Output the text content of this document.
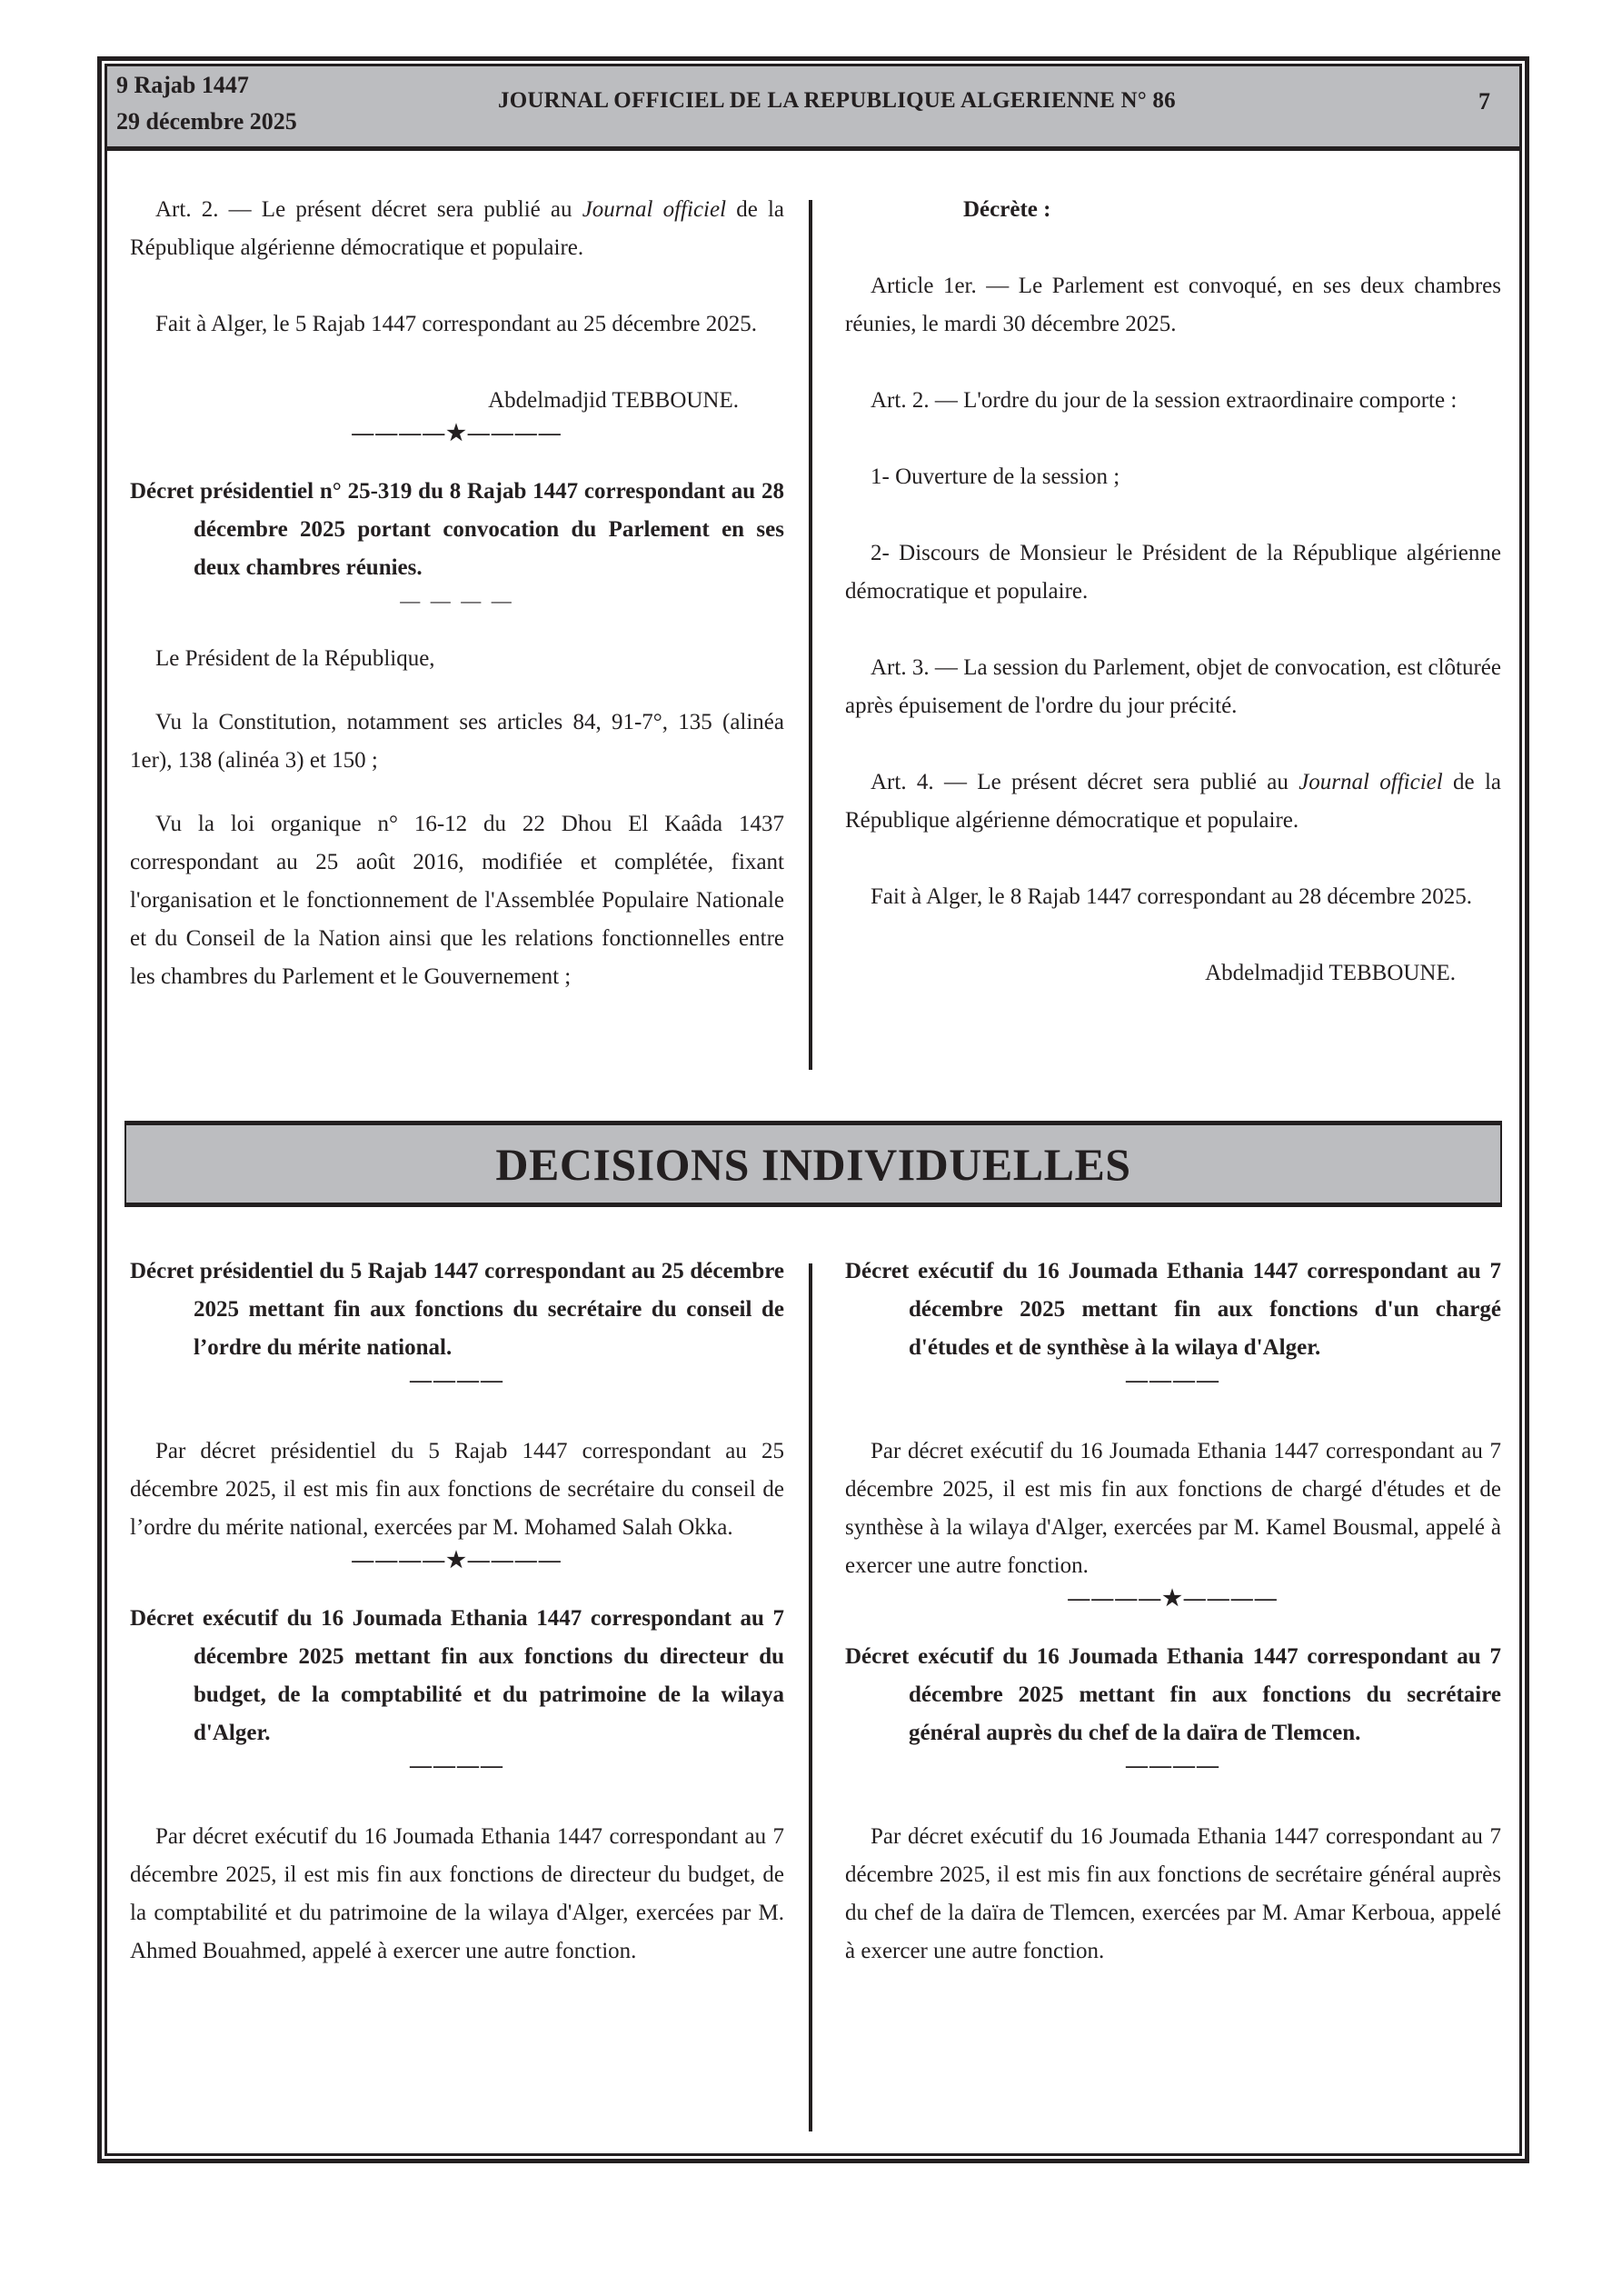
9 Rajab 1447
29 décembre 2025
JOURNAL OFFICIEL DE LA REPUBLIQUE ALGERIENNE N° 86	7

Art. 2. — Le présent décret sera publié au Journal officiel de la République algérienne démocratique et populaire.

Fait à Alger, le 5 Rajab 1447 correspondant au 25 décembre 2025.

Abdelmadjid TEBBOUNE.

————★————

Décret présidentiel n° 25-319 du 8 Rajab 1447 correspondant au 28 décembre 2025 portant convocation du Parlement en ses deux chambres réunies.

— — — —

Le Président de la République,

Vu la Constitution, notamment ses articles 84, 91-7°, 135 (alinéa 1er), 138 (alinéa 3) et 150 ;

Vu la loi organique n° 16-12 du 22 Dhou El Kaâda 1437 correspondant au 25 août 2016, modifiée et complétée, fixant l'organisation et le fonctionnement de l'Assemblée Populaire Nationale et du Conseil de la Nation ainsi que les relations fonctionnelles entre les chambres du Parlement et le Gouvernement ;

Décrète :

Article 1er. — Le Parlement est convoqué, en ses deux chambres réunies, le mardi 30 décembre 2025.

Art. 2. — L'ordre du jour de la session extraordinaire comporte :

1- Ouverture de la session ;

2- Discours de Monsieur le Président de la République algérienne démocratique et populaire.

Art. 3. — La session du Parlement, objet de convocation, est clôturée après épuisement de l'ordre du jour précité.

Art. 4. — Le présent décret sera publié au Journal officiel de la République algérienne démocratique et populaire.

Fait à Alger, le 8 Rajab 1447 correspondant au 28 décembre 2025.

Abdelmadjid TEBBOUNE.

DECISIONS INDIVIDUELLES

Décret présidentiel du 5 Rajab 1447 correspondant au 25 décembre 2025 mettant fin aux fonctions du secrétaire du conseil de l’ordre du mérite national.

————

Par décret présidentiel du 5 Rajab 1447 correspondant au 25 décembre 2025, il est mis fin aux fonctions de secrétaire du conseil de l’ordre du mérite national, exercées par M. Mohamed Salah Okka.

————★————

Décret exécutif du 16 Joumada Ethania 1447 correspondant au 7 décembre 2025 mettant fin aux fonctions du directeur du budget, de la comptabilité et du patrimoine de la wilaya d'Alger.

————

Par décret exécutif du 16 Joumada Ethania 1447 correspondant au 7 décembre 2025, il est mis fin aux fonctions de directeur du budget, de la comptabilité et du patrimoine de la wilaya d'Alger, exercées par M. Ahmed Bouahmed, appelé à exercer une autre fonction.

Décret exécutif du 16 Joumada Ethania 1447 correspondant au 7 décembre 2025 mettant fin aux fonctions d'un chargé d'études et de synthèse à la wilaya d'Alger.

————

Par décret exécutif du 16 Joumada Ethania 1447 correspondant au 7 décembre 2025, il est mis fin aux fonctions de chargé d'études et de synthèse à la wilaya d'Alger, exercées par M. Kamel Bousmal, appelé à exercer une autre fonction.

————★————

Décret exécutif du 16 Joumada Ethania 1447 correspondant au 7 décembre 2025 mettant fin aux fonctions du secrétaire général auprès du chef de la daïra de Tlemcen.

————

Par décret exécutif du 16 Joumada Ethania 1447 correspondant au 7 décembre 2025, il est mis fin aux fonctions de secrétaire général auprès du chef de la daïra de Tlemcen, exercées par M. Amar Kerboua, appelé à exercer une autre fonction.
